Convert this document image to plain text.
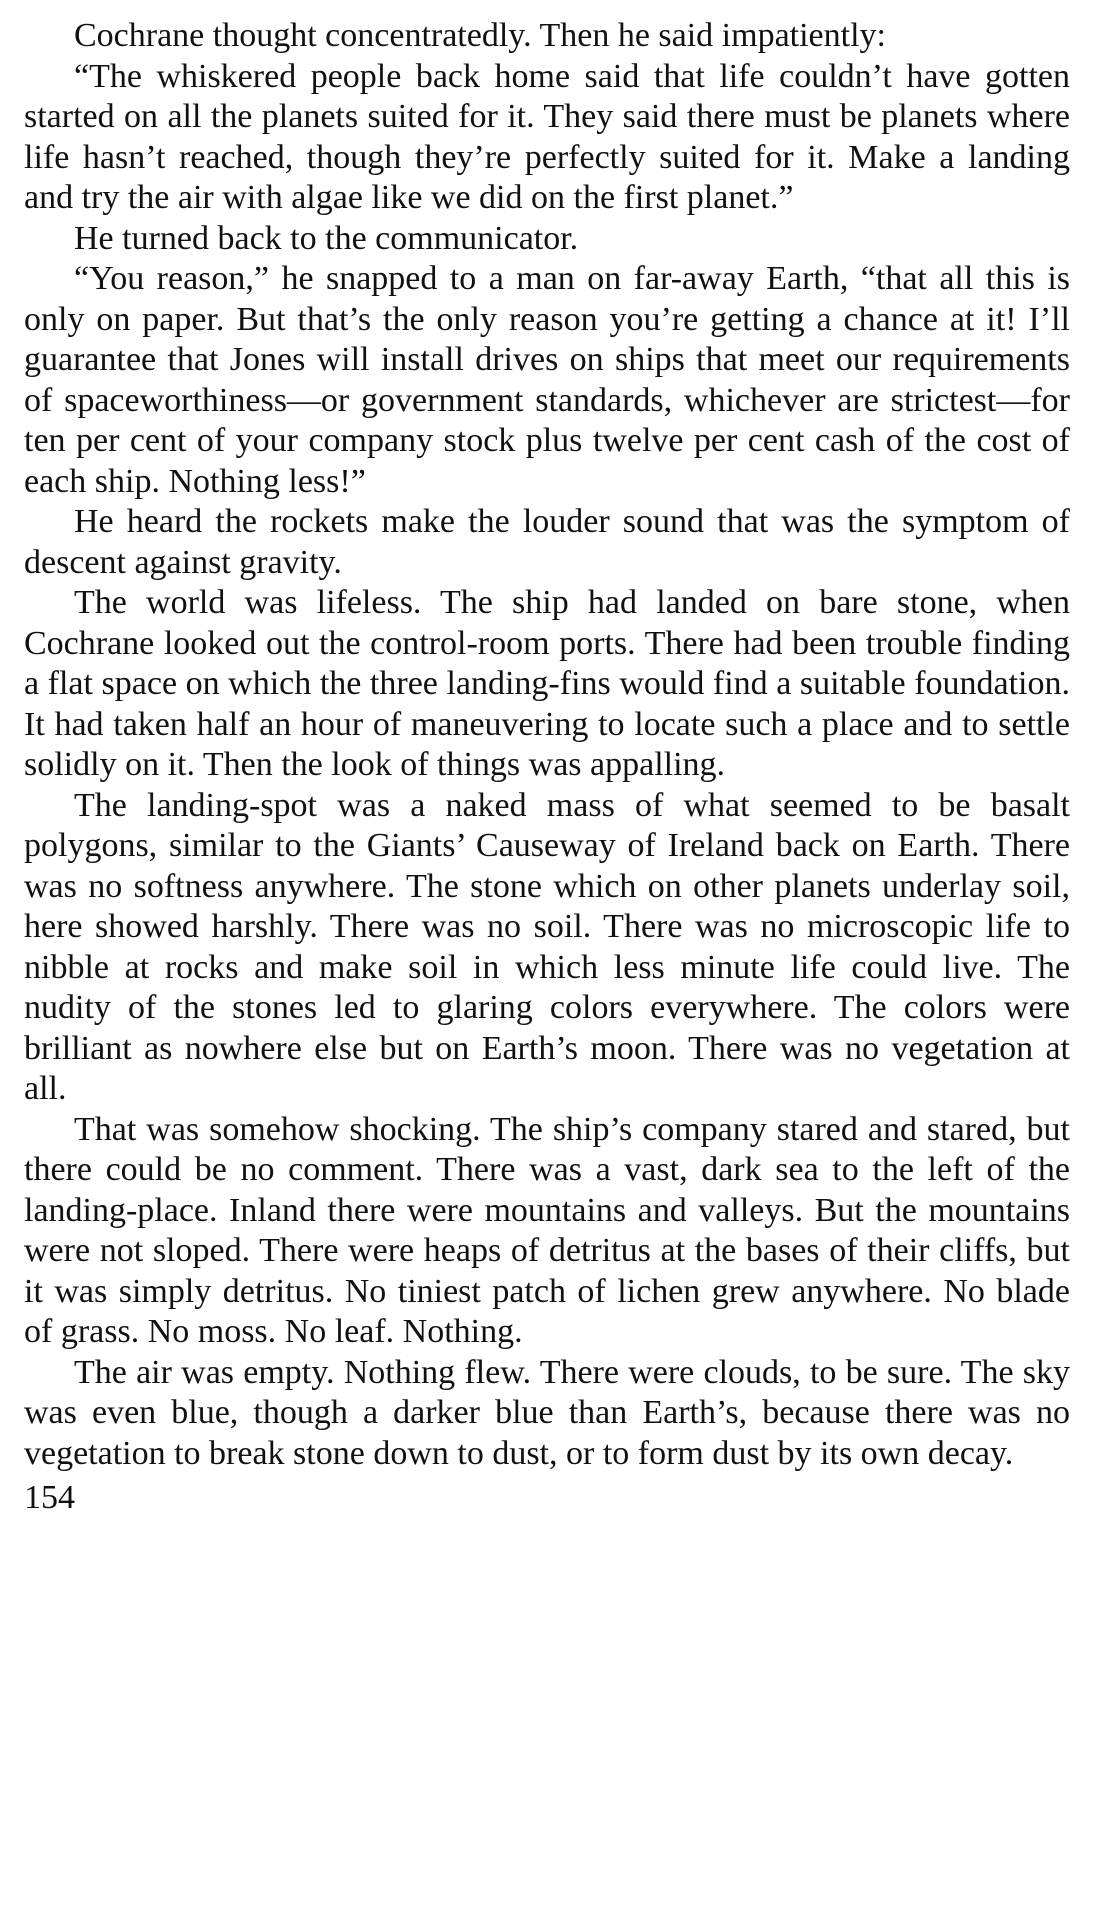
Cochrane thought concentratedly. Then he said impatiently:

“The whiskered people back home said that life couldn’t have gotten started on all the planets suited for it. They said there must be planets where life hasn’t reached, though they’re perfectly suited for it. Make a landing and try the air with algae like we did on the first planet.”

He turned back to the communicator.

“You reason,” he snapped to a man on far-away Earth, “that all this is only on paper. But that’s the only reason you’re getting a chance at it! I’ll guarantee that Jones will install drives on ships that meet our requirements of spaceworthiness—or government standards, whichever are strictest—for ten per cent of your company stock plus twelve per cent cash of the cost of each ship. Nothing less!”

He heard the rockets make the louder sound that was the symptom of descent against gravity.

The world was lifeless. The ship had landed on bare stone, when Cochrane looked out the control-room ports. There had been trouble finding a flat space on which the three landing-fins would find a suitable foundation. It had taken half an hour of maneuvering to locate such a place and to settle solidly on it. Then the look of things was appalling.

The landing-spot was a naked mass of what seemed to be basalt polygons, similar to the Giants’ Causeway of Ireland back on Earth. There was no softness anywhere. The stone which on other planets underlay soil, here showed harshly. There was no soil. There was no microscopic life to nibble at rocks and make soil in which less minute life could live. The nudity of the stones led to glaring colors everywhere. The colors were brilliant as nowhere else but on Earth’s moon. There was no vegetation at all.

That was somehow shocking. The ship’s company stared and stared, but there could be no comment. There was a vast, dark sea to the left of the landing-place. Inland there were mountains and valleys. But the mountains were not sloped. There were heaps of detritus at the bases of their cliffs, but it was simply detritus. No tiniest patch of lichen grew anywhere. No blade of grass. No moss. No leaf. Nothing.

The air was empty. Nothing flew. There were clouds, to be sure. The sky was even blue, though a darker blue than Earth’s, because there was no vegetation to break stone down to dust, or to form dust by its own decay.

154
